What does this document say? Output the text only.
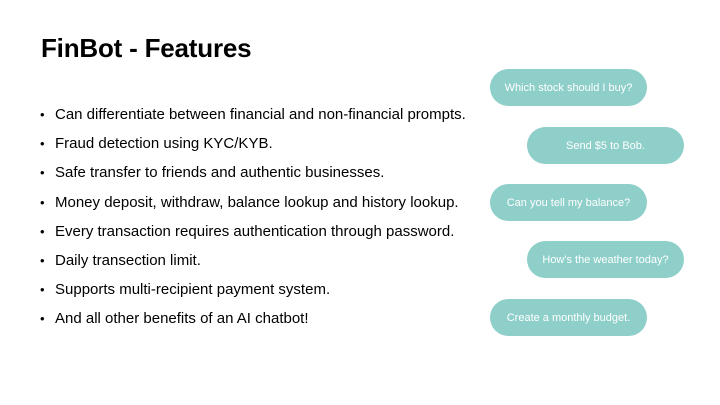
FinBot - Features
• Can differentiate between financial and non-financial prompts.
• Fraud detection using KYC/KYB.
• Safe transfer to friends and authentic businesses.
• Money deposit, withdraw, balance lookup and history lookup.
• Every transaction requires authentication through password.
• Daily transection limit.
• Supports multi-recipient payment system.
• And all other benefits of an AI chatbot!
Which stock should I buy?
Send $5 to Bob.
Can you tell my balance?
How's the weather today?
Create a monthly budget.
